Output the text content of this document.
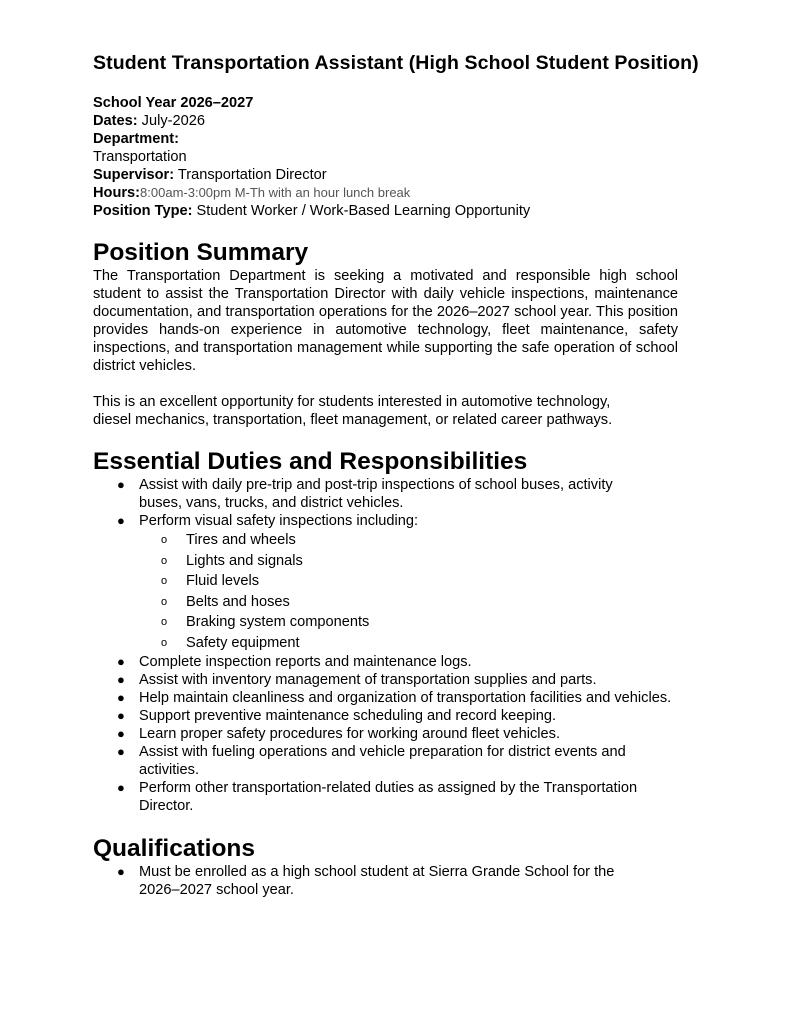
Student Transportation Assistant (High School Student Position)
School Year 2026–2027
Dates: July-2026
Department:
Transportation
Supervisor: Transportation Director
Hours:8:00am-3:00pm M-Th with an hour lunch break
Position Type: Student Worker / Work-Based Learning Opportunity
Position Summary

The Transportation Department is seeking a motivated and responsible high school student to assist the Transportation Director with daily vehicle inspections, maintenance documentation, and transportation operations for the 2026–2027 school year. This position provides hands-on experience in automotive technology, fleet maintenance, safety inspections, and transportation management while supporting the safe operation of school district vehicles.

This is an excellent opportunity for students interested in automotive technology,
diesel mechanics, transportation, fleet management, or related career pathways.
Essential Duties and Responsibilities
● Assist with daily pre-trip and post-trip inspections of school buses, activity
buses, vans, trucks, and district vehicles.
● Perform visual safety inspections including:
o Tires and wheels
o Lights and signals
o Fluid levels
o Belts and hoses
o Braking system components
o Safety equipment
● Complete inspection reports and maintenance logs.
● Assist with inventory management of transportation supplies and parts.
● Help maintain cleanliness and organization of transportation facilities and vehicles.
● Support preventive maintenance scheduling and record keeping.
● Learn proper safety procedures for working around fleet vehicles.
● Assist with fueling operations and vehicle preparation for district events and
activities.
● Perform other transportation-related duties as assigned by the Transportation
Director.
Qualifications
● Must be enrolled as a high school student at Sierra Grande School for the
2026–2027 school year.
